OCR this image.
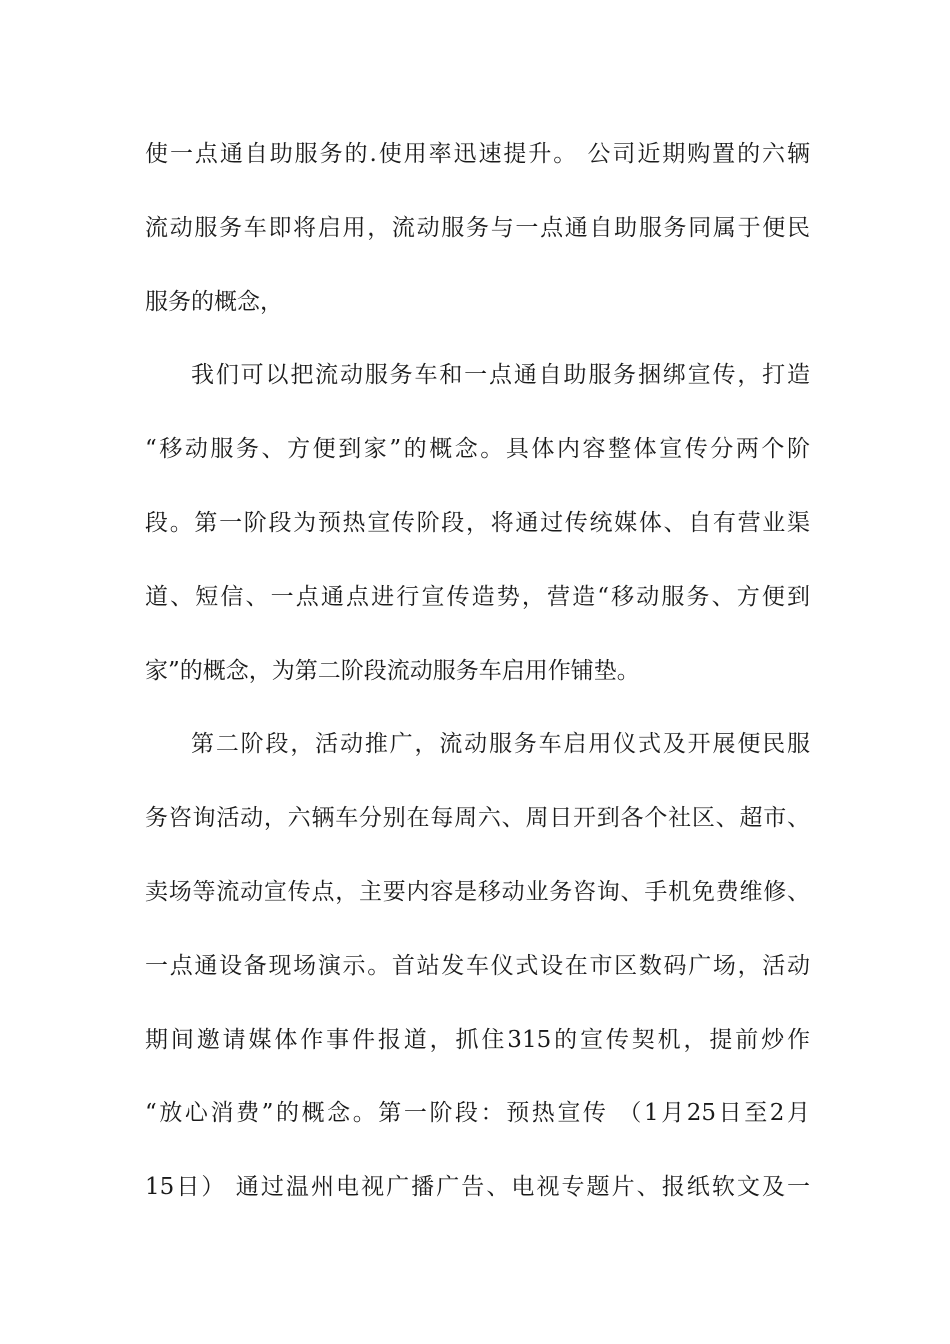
使一点通自助服务的.使用率迅速提升。 公司近期购置的六辆
流动服务车即将启用，流动服务与一点通自助服务同属于便民
服务的概念，
我们可以把流动服务车和一点通自助服务捆绑宣传，打造
“移动服务、方便到家”的概念。具体内容整体宣传分两个阶
段。第一阶段为预热宣传阶段，将通过传统媒体、自有营业渠
道、短信、一点通点进行宣传造势，营造“移动服务、方便到
家”的概念，为第二阶段流动服务车启用作铺垫。
第二阶段，活动推广，流动服务车启用仪式及开展便民服
务咨询活动，六辆车分别在每周六、周日开到各个社区、超市、
卖场等流动宣传点，主要内容是移动业务咨询、手机免费维修、
一点通设备现场演示。首站发车仪式设在市区数码广场，活动
期间邀请媒体作事件报道，抓住315的宣传契机，提前炒作
“放心消费”的概念。第一阶段：预热宣传 （1月25日至2月
15日） 通过温州电视广播广告、电视专题片、报纸软文及一
